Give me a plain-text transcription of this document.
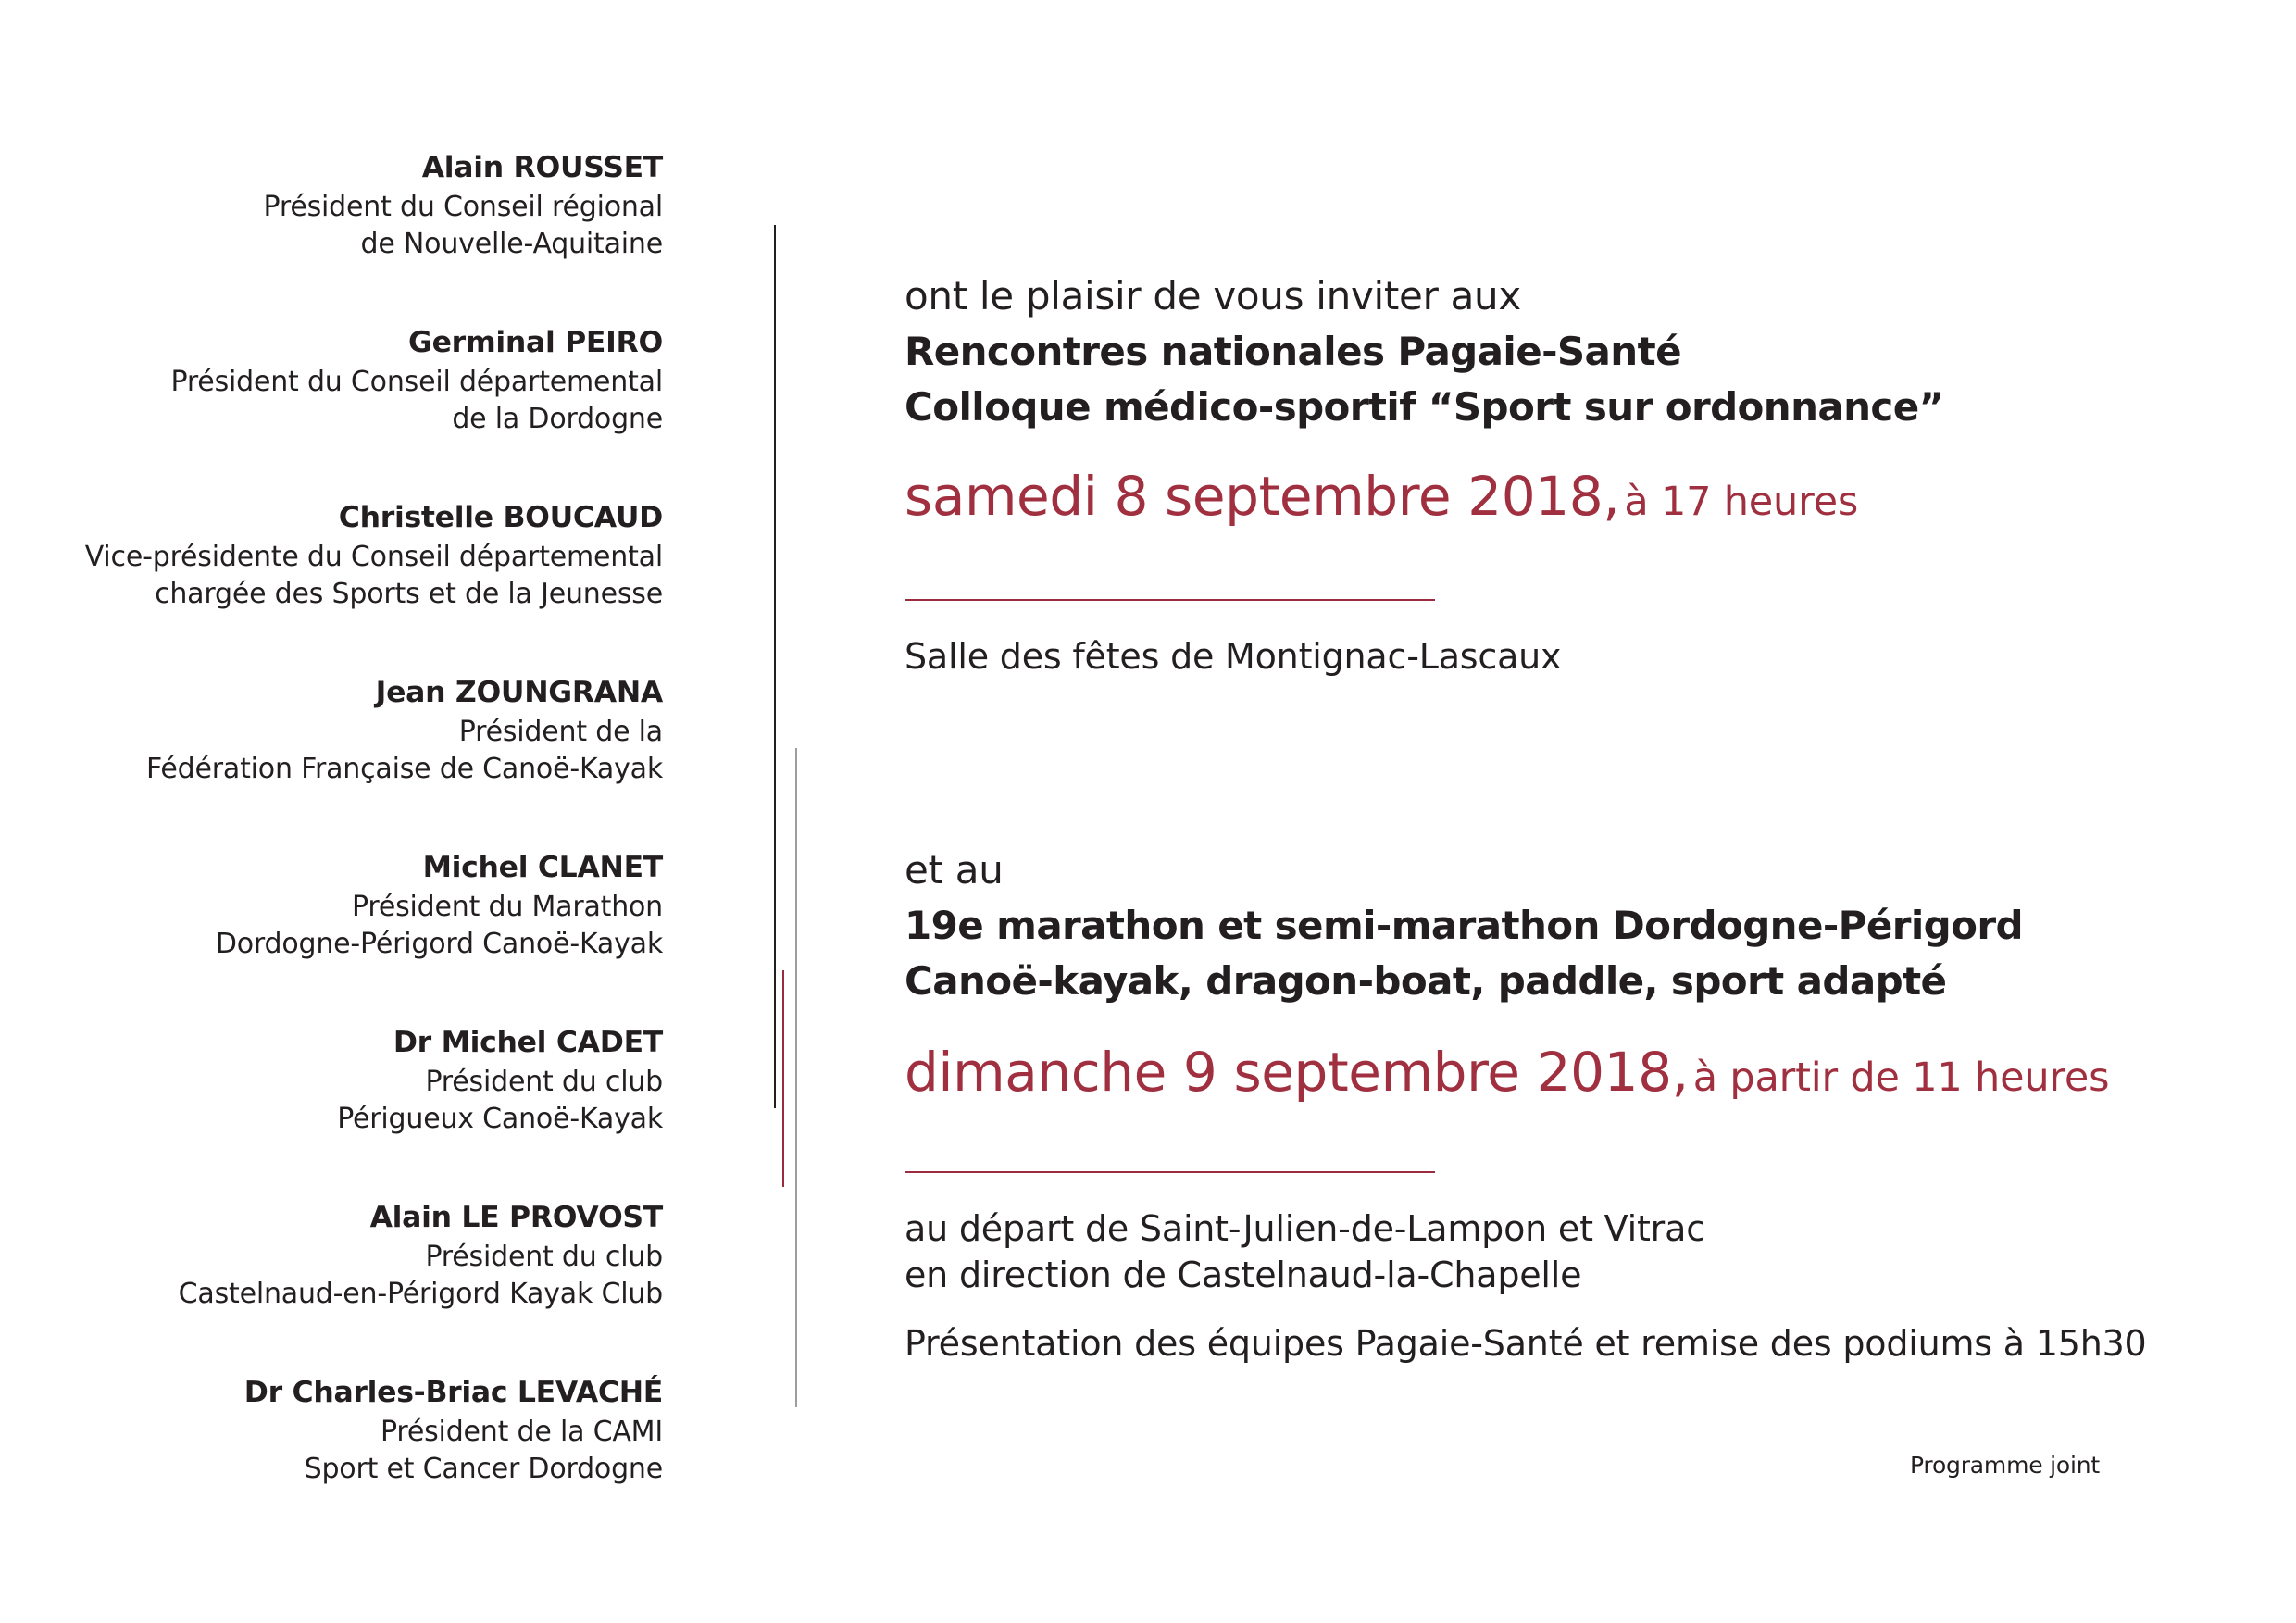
Alain ROUSSET
Président du Conseil régional
de Nouvelle-Aquitaine
Germinal PEIRO
Président du Conseil départemental
de la Dordogne
Christelle BOUCAUD
Vice-présidente du Conseil départemental
chargée des Sports et de la Jeunesse
Jean ZOUNGRANA
Président de la
Fédération Française de Canoë-Kayak
Michel CLANET
Président du Marathon
Dordogne-Périgord Canoë-Kayak
Dr Michel CADET
Président du club
Périgueux Canoë-Kayak
Alain LE PROVOST
Président du club
Castelnaud-en-Périgord Kayak Club
Dr Charles-Briac LEVACHÉ
Président de la CAMI
Sport et Cancer Dordogne
ont le plaisir de vous inviter aux
Rencontres nationales Pagaie-Santé
Colloque médico-sportif “Sport sur ordonnance”
samedi 8 septembre 2018, à 17 heures
Salle des fêtes de Montignac-Lascaux
et au
19e marathon et semi-marathon Dordogne-Périgord
Canoë-kayak, dragon-boat, paddle, sport adapté
dimanche 9 septembre 2018, à partir de 11 heures
au départ de Saint-Julien-de-Lampon et Vitrac
en direction de Castelnaud-la-Chapelle
Présentation des équipes Pagaie-Santé et remise des podiums à 15h30
Programme joint
